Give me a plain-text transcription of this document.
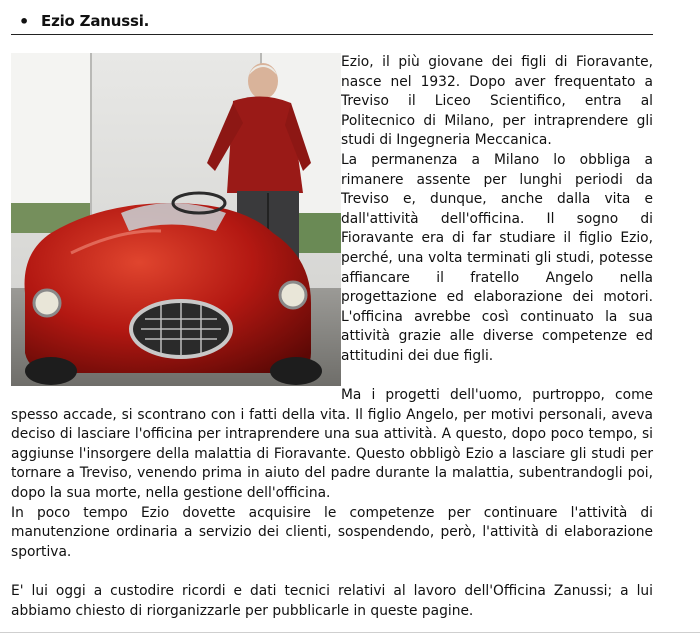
• Ezio Zanussi.

Ezio, il più giovane dei figli di Fioravante, nasce nel 1932. Dopo aver frequentato a Treviso il Liceo Scientifico, entra al Politecnico di Milano, per intraprendere gli studi di Ingegneria Meccanica.

La permanenza a Milano lo obbliga a rimanere assente per lunghi periodi da Treviso e, dunque, anche dalla vita e dall'attività dell'officina. Il sogno di Fioravante era di far studiare il figlio Ezio, perché, una volta terminati gli studi, potesse affiancare il fratello Angelo nella progettazione ed elaborazione dei motori. L'officina avrebbe così continuato la sua attività grazie alle diverse competenze ed attitudini dei due figli.

Ma i progetti dell'uomo, purtroppo, come spesso accade, si scontrano con i fatti della vita. Il figlio Angelo, per motivi personali, aveva deciso di lasciare l'officina per intraprendere una sua attività. A questo, dopo poco tempo, si aggiunse l'insorgere della malattia di Fioravante. Questo obbligò Ezio a lasciare gli studi per tornare a Treviso, venendo prima in aiuto del padre durante la malattia, subentrandogli poi, dopo la sua morte, nella gestione dell'officina.

In poco tempo Ezio dovette acquisire le competenze per continuare l'attività di manutenzione ordinaria a servizio dei clienti, sospendendo, però, l'attività di elaborazione sportiva.

E' lui oggi a custodire ricordi e dati tecnici relativi al lavoro dell'Officina Zanussi; a lui abbiamo chiesto di riorganizzarle per pubblicarle in queste pagine.
